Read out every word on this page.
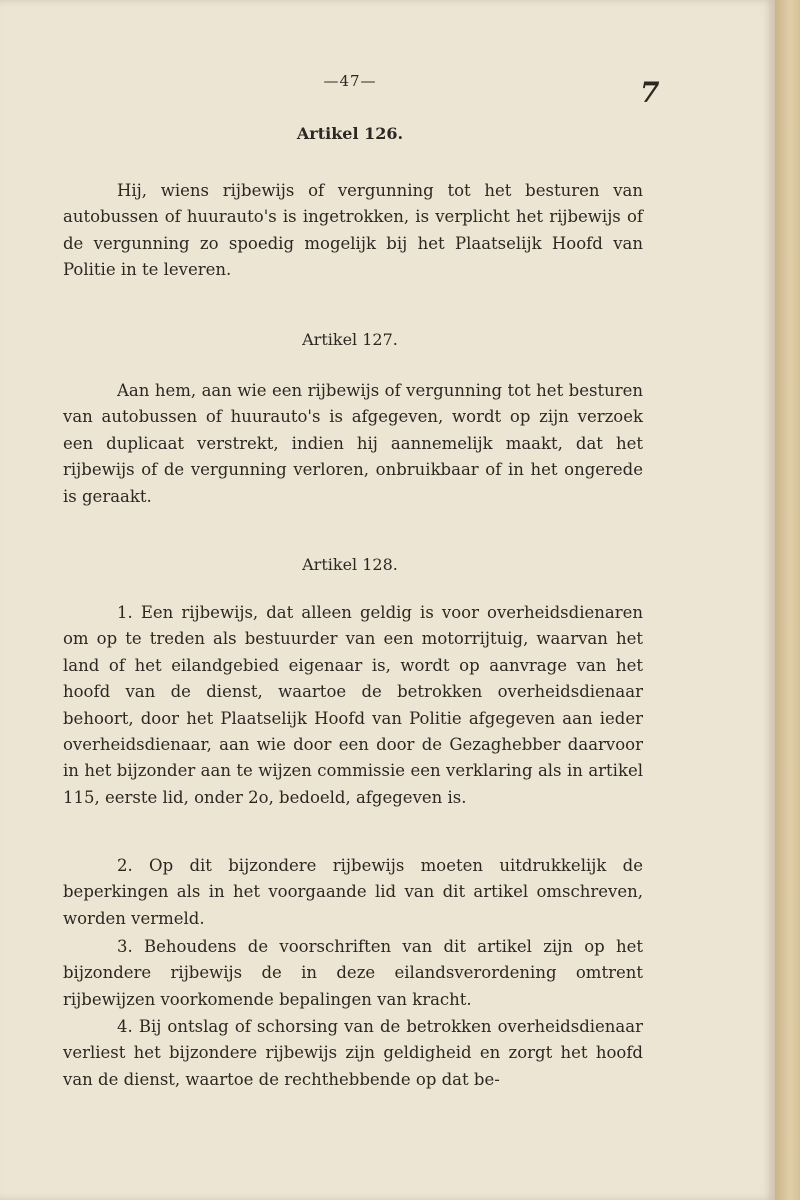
—47—	7
Artikel 126.
Hij, wiens rijbewijs of vergunning tot het besturen van autobussen of huurauto's is ingetrokken, is verplicht het rijbewijs of de vergunning zo spoedig mogelijk bij het Plaatselijk Hoofd van Politie in te leveren.
Artikel 127.
Aan hem, aan wie een rijbewijs of vergunning tot het besturen van autobussen of huurauto's is afgegeven, wordt op zijn verzoek een duplicaat verstrekt, indien hij aannemelijk maakt, dat het rijbewijs of de vergunning verloren, onbruikbaar of in het ongerede is geraakt.
Artikel 128.
1. Een rijbewijs, dat alleen geldig is voor overheidsdienaren om op te treden als bestuurder van een motorrijtuig, waarvan het land of het eilandgebied eigenaar is, wordt op aanvrage van het hoofd van de dienst, waartoe de betrokken overheidsdienaar behoort, door het Plaatselijk Hoofd van Politie afgegeven aan ieder overheidsdienaar, aan wie door een door de Gezaghebber daarvoor in het bijzonder aan te wijzen commissie een verklaring als in artikel 115, eerste lid, onder 2o, bedoeld, afgegeven is.
2. Op dit bijzondere rijbewijs moeten uitdrukkelijk de beperkingen als in het voorgaande lid van dit artikel omschreven, worden vermeld.
3. Behoudens de voorschriften van dit artikel zijn op het bijzondere rijbewijs de in deze eilandsverordening omtrent rijbewijzen voorkomende bepalingen van kracht.
4. Bij ontslag of schorsing van de betrokken overheidsdienaar verliest het bijzondere rijbewijs zijn geldigheid en zorgt het hoofd van de dienst, waartoe de rechthebbende op dat be-
